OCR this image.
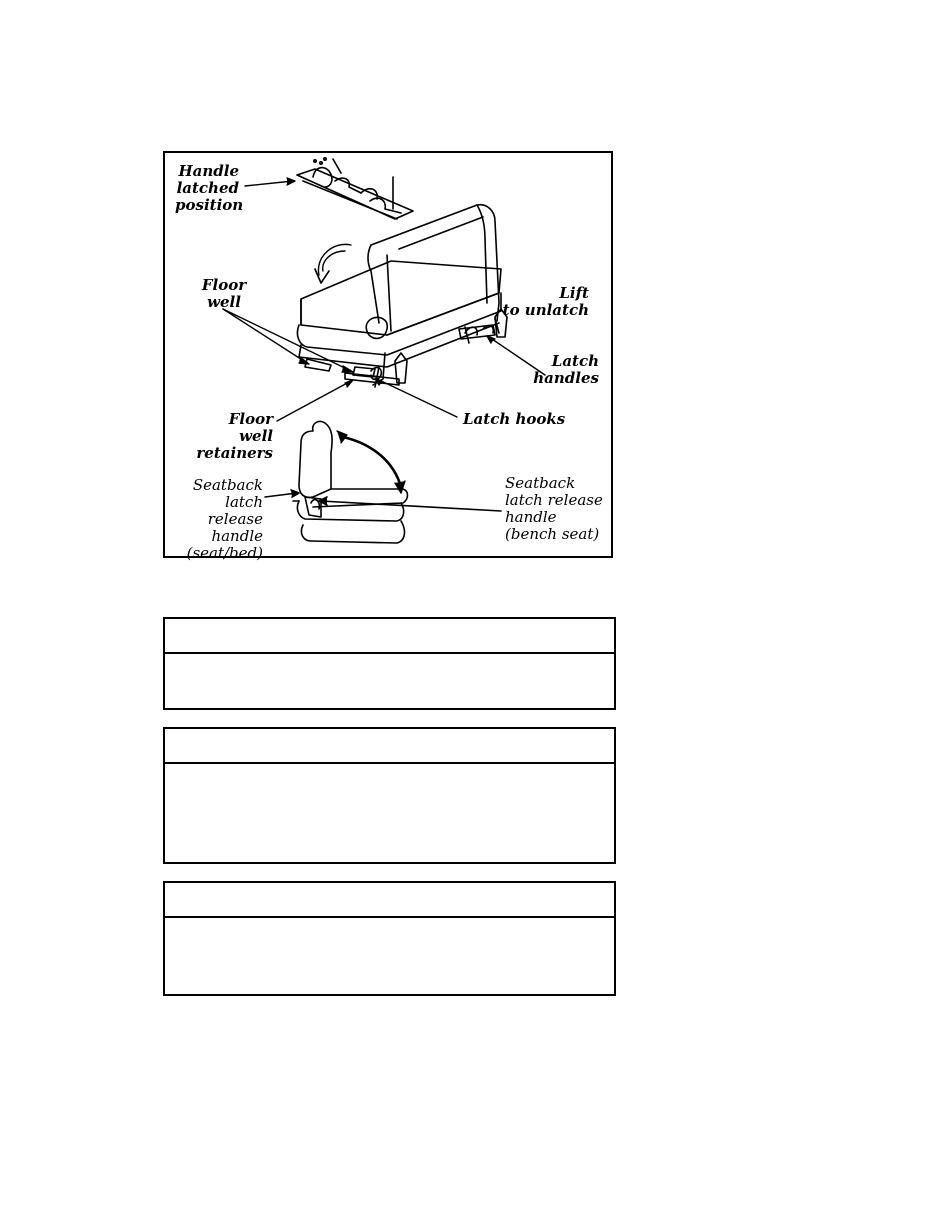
Handle
latched
position
Floor
well	Lift
to unlatch
Latch
handles
Floor
well retainers
Latch hooks
Seatback
latch release
handle
(seat/bed)
Seatback
latch release
handle
(bench seat)
